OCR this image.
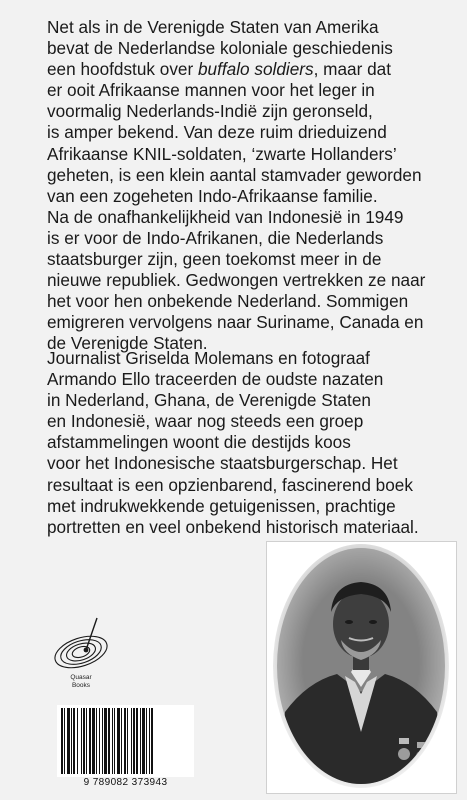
Net als in de Verenigde Staten van Amerika
bevat de Nederlandse koloniale geschiedenis
een hoofdstuk over buffalo soldiers, maar dat
er ooit Afrikaanse mannen voor het leger in
voormalig Nederlands-Indië zijn geronseld,
is amper bekend. Van deze ruim drieduizend
Afrikaanse KNIL-soldaten, ‘zwarte Hollanders’
geheten, is een klein aantal stamvader geworden
van een zogeheten Indo-Afrikaanse familie.
Na de onafhankelijkheid van Indonesië in 1949
is er voor de Indo-Afrikanen, die Nederlands
staatsburger zijn, geen toekomst meer in de
nieuwe republiek. Gedwongen vertrekken ze naar
het voor hen onbekende Nederland. Sommigen
emigreren vervolgens naar Suriname, Canada en
de Verenigde Staten.
Journalist Griselda Molemans en fotograaf
Armando Ello traceerden de oudste nazaten
in Nederland, Ghana, de Verenigde Staten
en Indonesië, waar nog steeds een groep
afstammelingen woont die destijds koos
voor het Indonesische staatsburgerschap. Het
resultaat is een opzienbarend, fascinerend boek
met indrukwekkende getuigenissen, prachtige
portretten en veel onbekend historisch materiaal.
Quasar
Books
9 789082 373943
